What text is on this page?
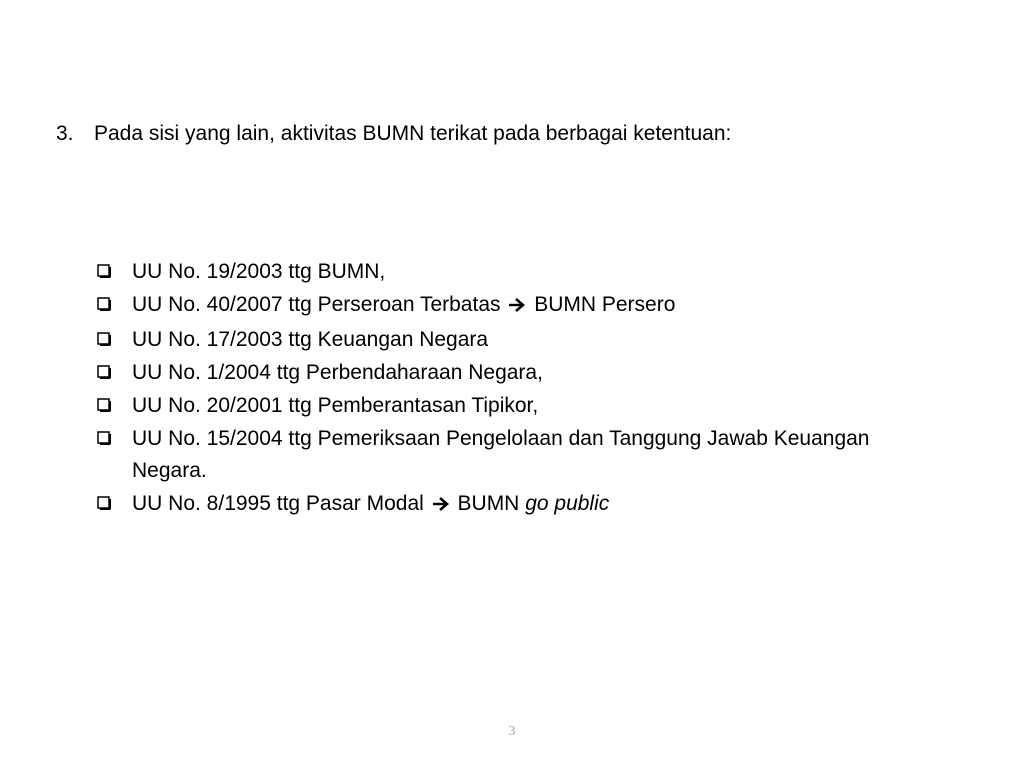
3. Pada sisi yang lain, aktivitas BUMN terikat pada berbagai ketentuan:
UU No. 19/2003 ttg BUMN,
UU No. 40/2007 ttg Perseroan Terbatas BUMN Persero
UU No. 17/2003 ttg Keuangan Negara
UU No. 1/2004 ttg Perbendaharaan Negara,
UU No. 20/2001 ttg Pemberantasan Tipikor,
UU No. 15/2004 ttg Pemeriksaan Pengelolaan dan Tanggung Jawab Keuangan Negara.
UU No. 8/1995 ttg Pasar Modal BUMN go public
3
